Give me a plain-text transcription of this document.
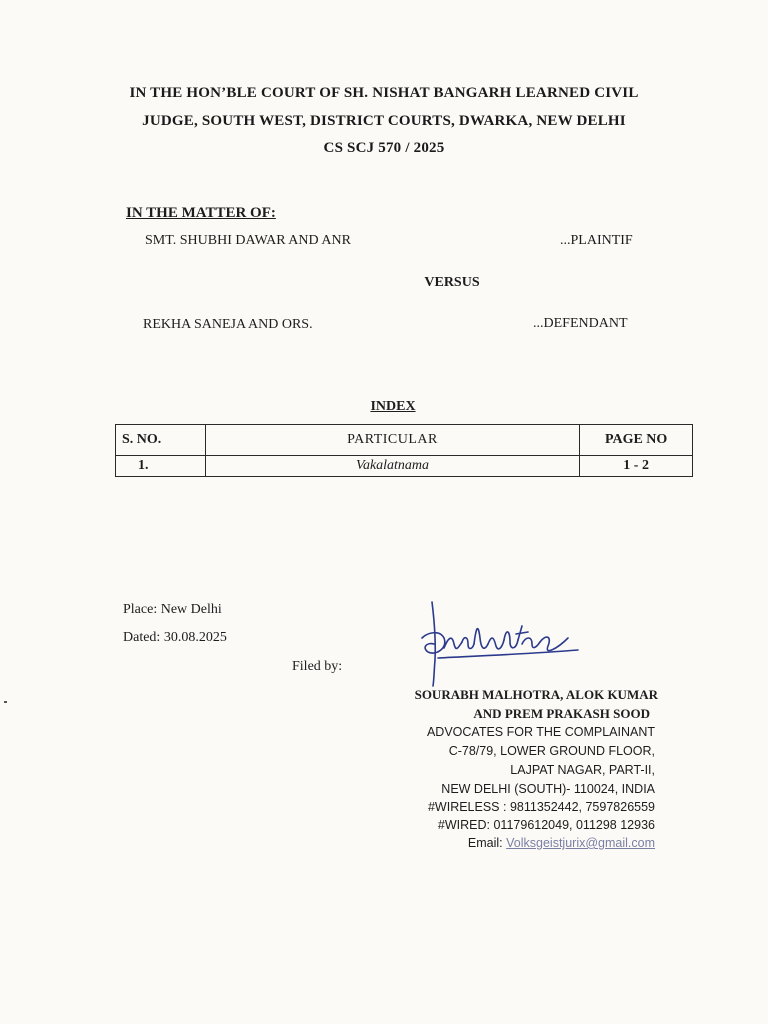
IN THE HON’BLE COURT OF SH. NISHAT BANGARH LEARNED CIVIL
JUDGE, SOUTH WEST, DISTRICT COURTS, DWARKA, NEW DELHI
CS SCJ 570 / 2025
IN THE MATTER OF:
SMT. SHUBHI DAWAR AND ANR	...PLAINTIF
VERSUS
REKHA SANEJA AND ORS.	...DEFENDANT
INDEX
S. NO.	PARTICULAR	PAGE NO
1.	Vakalatnama	1 - 2
Place: New Delhi
Dated: 30.08.2025
Filed by:
SOURABH MALHOTRA, ALOK KUMAR
AND PREM PRAKASH SOOD
ADVOCATES FOR THE COMPLAINANT
C-78/79, LOWER GROUND FLOOR,
LAJPAT NAGAR, PART-II,
NEW DELHI (SOUTH)- 110024, INDIA
#WIRELESS : 9811352442, 7597826559
#WIRED: 01179612049, 011298 12936
Email: Volksgeistjurix@gmail.com
